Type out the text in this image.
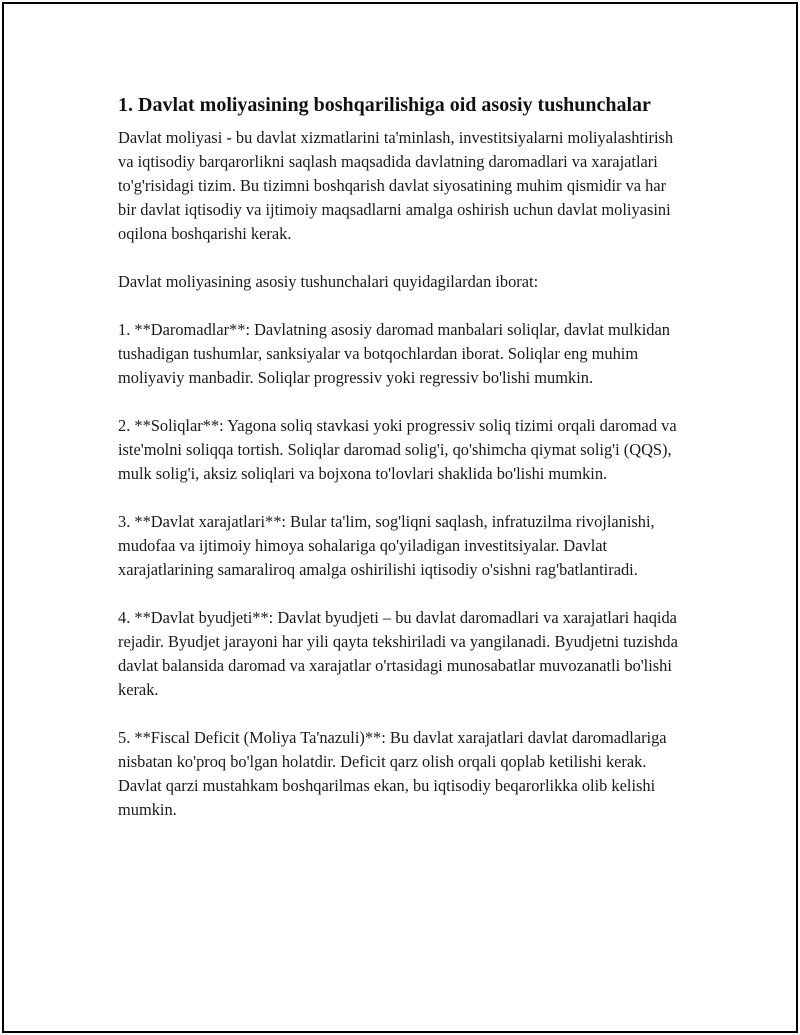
1. Davlat moliyasining boshqarilishiga oid asosiy tushunchalar

Davlat moliyasi - bu davlat xizmatlarini ta'minlash, investitsiyalarni moliyalashtirish va iqtisodiy barqarorlikni saqlash maqsadida davlatning daromadlari va xarajatlari to'g'risidagi tizim. Bu tizimni boshqarish davlat siyosatining muhim qismidir va har bir davlat iqtisodiy va ijtimoiy maqsadlarni amalga oshirish uchun davlat moliyasini oqilona boshqarishi kerak.

Davlat moliyasining asosiy tushunchalari quyidagilardan iborat:

1. **Daromadlar**: Davlatning asosiy daromad manbalari soliqlar, davlat mulkidan tushadigan tushumlar, sanksiyalar va botqochlardan iborat. Soliqlar eng muhim moliyaviy manbadir. Soliqlar progressiv yoki regressiv bo'lishi mumkin.

2. **Soliqlar**: Yagona soliq stavkasi yoki progressiv soliq tizimi orqali daromad va iste'molni soliqqa tortish. Soliqlar daromad solig'i, qo'shimcha qiymat solig'i (QQS), mulk solig'i, aksiz soliqlari va bojxona to'lovlari shaklida bo'lishi mumkin.

3. **Davlat xarajatlari**: Bular ta'lim, sog'liqni saqlash, infratuzilma rivojlanishi, mudofaa va ijtimoiy himoya sohalariga qo'yiladigan investitsiyalar. Davlat xarajatlarining samaraliroq amalga oshirilishi iqtisodiy o'sishni rag'batlantiradi.

4. **Davlat byudjeti**: Davlat byudjeti – bu davlat daromadlari va xarajatlari haqida rejadir. Byudjet jarayoni har yili qayta tekshiriladi va yangilanadi. Byudjetni tuzishda davlat balansida daromad va xarajatlar o'rtasidagi munosabatlar muvozanatli bo'lishi kerak.

5. **Fiscal Deficit (Moliya Ta'nazuli)**: Bu davlat xarajatlari davlat daromadlariga nisbatan ko'proq bo'lgan holatdir. Deficit qarz olish orqali qoplab ketilishi kerak. Davlat qarzi mustahkam boshqarilmas ekan, bu iqtisodiy beqarorlikka olib kelishi mumkin.
